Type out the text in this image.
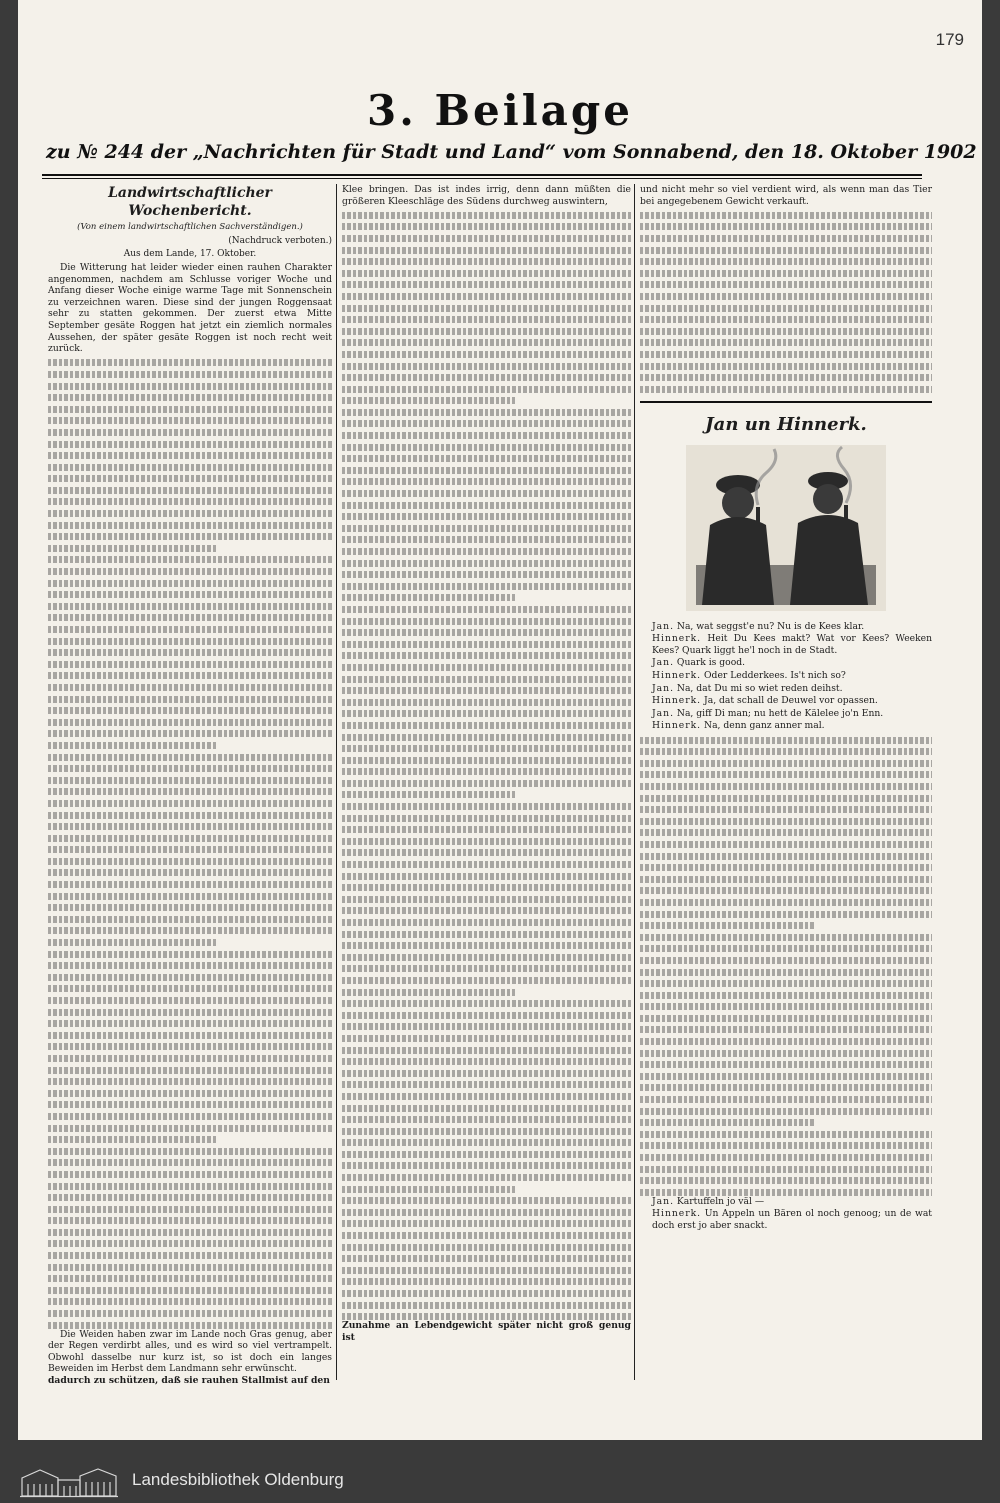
179
3. Beilage
zu № 244 der „Nachrichten für Stadt und Land“ vom Sonnabend, den 18. Oktober 1902
Landwirtschaftlicher Wochenbericht.
(Von einem landwirtschaftlichen Sachverständigen.)
(Nachdruck verboten.)
Aus dem Lande, 17. Oktober.

Die Witterung hat leider wieder einen rauhen Charakter angenommen, nachdem am Schlusse voriger Woche und Anfang dieser Woche einige warme Tage mit Sonnenschein zu verzeichnen waren. Diese sind der jungen Roggensaat sehr zu statten gekommen. Der zuerst etwa Mitte September gesäte Roggen hat jetzt ein ziemlich normales Aussehen, der später gesäte Roggen ist noch recht weit zurück.

Die Weiden haben zwar im Lande noch Gras genug, aber der Regen verdirbt alles, und es wird so viel vertrampelt. Obwohl dasselbe nur kurz ist, so ist doch ein langes Beweiden im Herbst dem Landmann sehr erwünscht.

dadurch zu schützen, daß sie rauhen Stallmist auf den

Klee bringen. Das ist indes irrig, denn dann müßten die größeren Kleeschläge des Südens durchweg auswintern,

Zunahme an Lebendgewicht später nicht groß genug ist

und nicht mehr so viel verdient wird, als wenn man das Tier bei angegebenem Gewicht verkauft.

Jan un Hinnerk.

Jan. Na, wat seggst'e nu? Nu is de Kees klar.

Hinnerk. Heit Du Kees makt? Wat vor Kees? Weeken Kees? Quark liggt he'l noch in de Stadt.

Jan. Quark is good.

Hinnerk. Oder Ledderkees. Is't nich so?

Jan. Na, dat Du mi so wiet reden deihst.

Hinnerk. Ja, dat schall de Deuwel vor opassen.

Jan. Na, giff Di man; nu hett de Kälelee jo'n Enn.

Hinnerk. Na, denn ganz anner mal.

Jan. Kartuffeln jo väl —

Hinnerk. Un Appeln un Bären ol noch genoog; un de wat doch erst jo aber snackt.

Landesbibliothek Oldenburg
